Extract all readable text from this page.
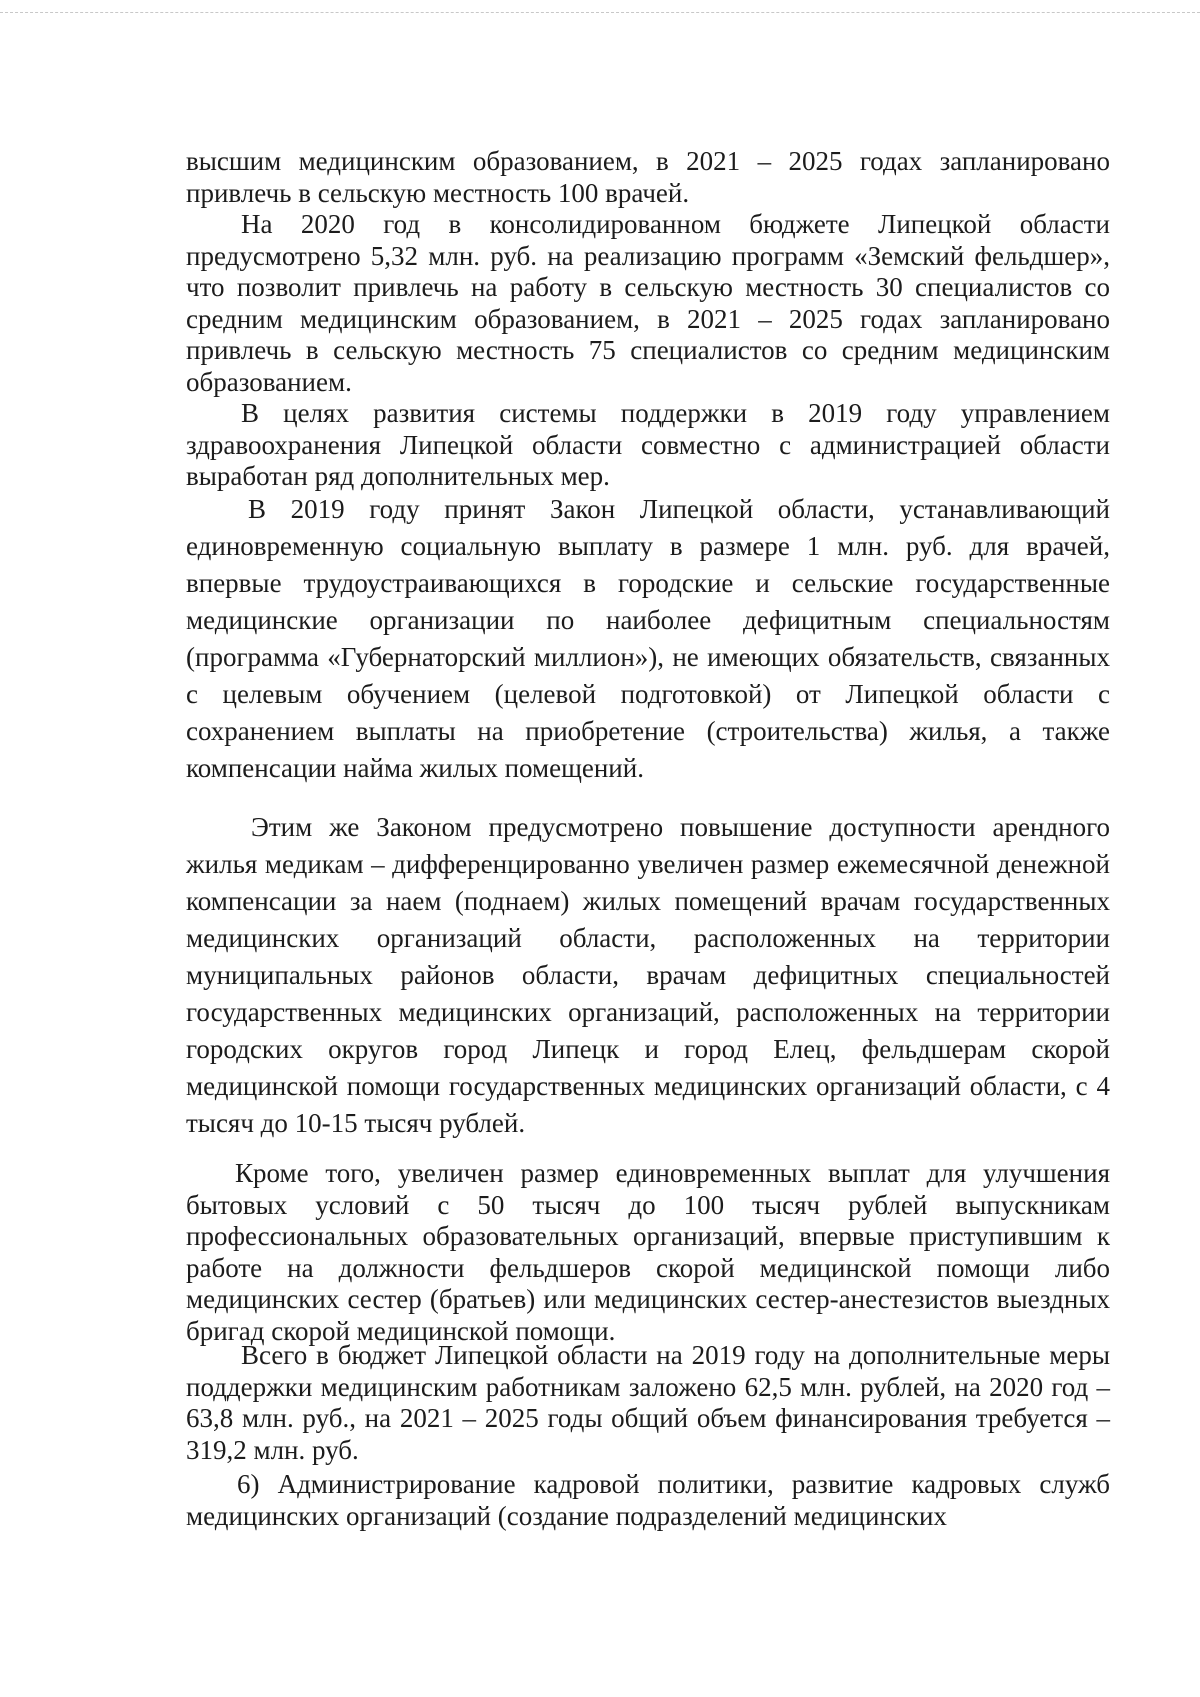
высшим медицинским образованием, в 2021 – 2025 годах запланировано привлечь в сельскую местность 100 врачей.

На 2020 год в консолидированном бюджете Липецкой области предусмотрено 5,32 млн. руб. на реализацию программ «Земский фельдшер», что позволит привлечь на работу в сельскую местность 30 специалистов со средним медицинским образованием, в 2021 – 2025 годах запланировано привлечь в сельскую местность 75 специалистов со средним медицинским образованием.

В целях развития системы поддержки в 2019 году управлением здравоохранения Липецкой области совместно с администрацией области выработан ряд дополнительных мер.

В 2019 году принят Закон Липецкой области, устанавливающий единовременную социальную выплату в размере 1 млн. руб. для врачей, впервые трудоустраивающихся в городские и сельские государственные медицинские организации по наиболее дефицитным специальностям (программа «Губернаторский миллион»), не имеющих обязательств, связанных с целевым обучением (целевой подготовкой) от Липецкой области с сохранением выплаты на приобретение (строительства) жилья, а также компенсации найма жилых помещений.

Этим же Законом предусмотрено повышение доступности арендного жилья медикам – дифференцированно увеличен размер ежемесячной денежной компенсации за наем (поднаем) жилых помещений врачам государственных медицинских организаций области, расположенных на территории муниципальных районов области, врачам дефицитных специальностей государственных медицинских организаций, расположенных на территории городских округов город Липецк и город Елец, фельдшерам скорой медицинской помощи государственных медицинских организаций области, с 4 тысяч до 10-15 тысяч рублей.

Кроме того, увеличен размер единовременных выплат для улучшения бытовых условий с 50 тысяч до 100 тысяч рублей выпускникам профессиональных образовательных организаций, впервые приступившим к работе на должности фельдшеров скорой медицинской помощи либо медицинских сестер (братьев) или медицинских сестер-анестезистов выездных бригад скорой медицинской помощи.

Всего в бюджет Липецкой области на 2019 году на дополнительные меры поддержки медицинским работникам заложено 62,5 млн. рублей, на 2020 год – 63,8 млн. руб., на 2021 – 2025 годы общий объем финансирования требуется – 319,2 млн. руб.

6) Администрирование кадровой политики, развитие кадровых служб медицинских организаций (создание подразделений медицинских
